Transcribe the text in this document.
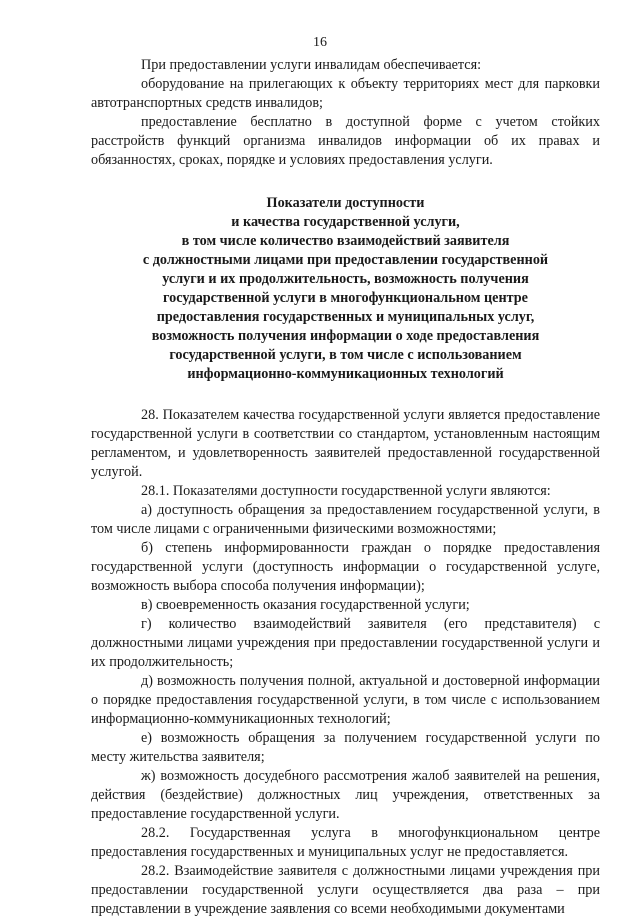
16

При предоставлении услуги инвалидам обеспечивается:

оборудование на прилегающих к объекту территориях мест для парковки автотранспортных средств инвалидов;

предоставление бесплатно в доступной форме с учетом стойких расстройств функций организма инвалидов информации об их правах и обязанностях, сроках, порядке и условиях предоставления услуги.

Показатели доступности
и качества государственной услуги,
в том числе количество взаимодействий заявителя
с должностными лицами при предоставлении государственной
услуги и их продолжительность, возможность получения
государственной услуги в многофункциональном центре
предоставления государственных и муниципальных услуг,
возможность получения информации о ходе предоставления
государственной услуги, в том числе с использованием
информационно-коммуникационных технологий

28. Показателем качества государственной услуги является предоставление государственной услуги в соответствии со стандартом, установленным настоящим регламентом, и удовлетворенность заявителей предоставленной государственной услугой.

28.1. Показателями доступности государственной услуги являются:

а) доступность обращения за предоставлением государственной услуги, в том числе лицами с ограниченными физическими возможностями;

б) степень информированности граждан о порядке предоставления государственной услуги (доступность информации о государственной услуге, возможность выбора способа получения информации);

в) своевременность оказания государственной услуги;

г) количество взаимодействий заявителя (его представителя) с должностными лицами учреждения при предоставлении государственной услуги и их продолжительность;

д) возможность получения полной, актуальной и достоверной информации о порядке предоставления государственной услуги, в том числе с использованием информационно-коммуникационных технологий;

е) возможность обращения за получением государственной услуги по месту жительства заявителя;

ж) возможность досудебного рассмотрения жалоб заявителей на решения, действия (бездействие) должностных лиц учреждения, ответственных за предоставление государственной услуги.

28.2. Государственная услуга в многофункциональном центре предоставления государственных и муниципальных услуг не предоставляется.

28.2. Взаимодействие заявителя с должностными лицами учреждения при предоставлении государственной услуги осуществляется два раза – при представлении в учреждение заявления со всеми необходимыми документами
